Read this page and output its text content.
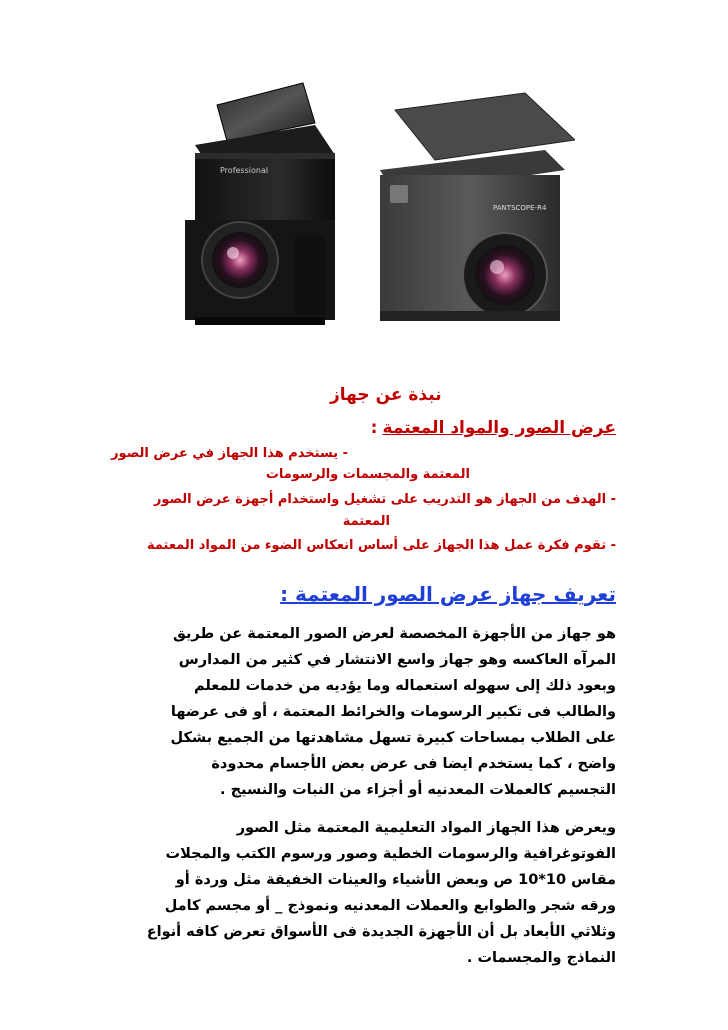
Professional
PANTSCOPE-R4
نبذة عن جهاز
عرض الصور والمواد المعتمة :
- يستخدم هذا الجهاز في عرض الصور
المعتمة والمجسمات والرسومات
- الهدف من الجهاز هو التدريب على تشغيل واستخدام أجهزة عرض الصور
المعتمة
- تقوم فكرة عمل هذا الجهاز على أساس انعكاس الضوء من المواد المعتمة
تعريف جهاز عرض الصور المعتمة :
هو جهاز من الأجهزة المخصصة لعرض الصور المعتمة عن طريق
المرآه العاكسه وهو جهاز واسع الانتشار في كثير من المدارس
وبعود ذلك إلى سهوله استعماله وما يؤديه من خدمات للمعلم
والطالب فى تكبير الرسومات والخرائط المعتمة ، أو فى عرضها
على الطلاب بمساحات كبيرة تسهل مشاهدتها من الجميع بشكل
واضح ، كما يستخدم ايضا فى عرض بعض الأجسام محدودة
التجسيم كالعملات المعدنيه أو أجزاء من النبات والنسيج .
ويعرض هذا الجهاز المواد التعليمية المعتمة مثل الصور
الفوتوغرافية والرسومات الخطية وصور ورسوم الكتب والمجلات
مقاس 10*10 ص وبعض الأشياء والعينات الخفيفة مثل وردة أو
ورقه شجر والطوابع والعملات المعدنيه ونموذج _ أو مجسم كامل
وثلاثي الأبعاد بل أن الأجهزة الجديدة فى الأسواق تعرض كافه أنواع
النماذج والمجسمات .
